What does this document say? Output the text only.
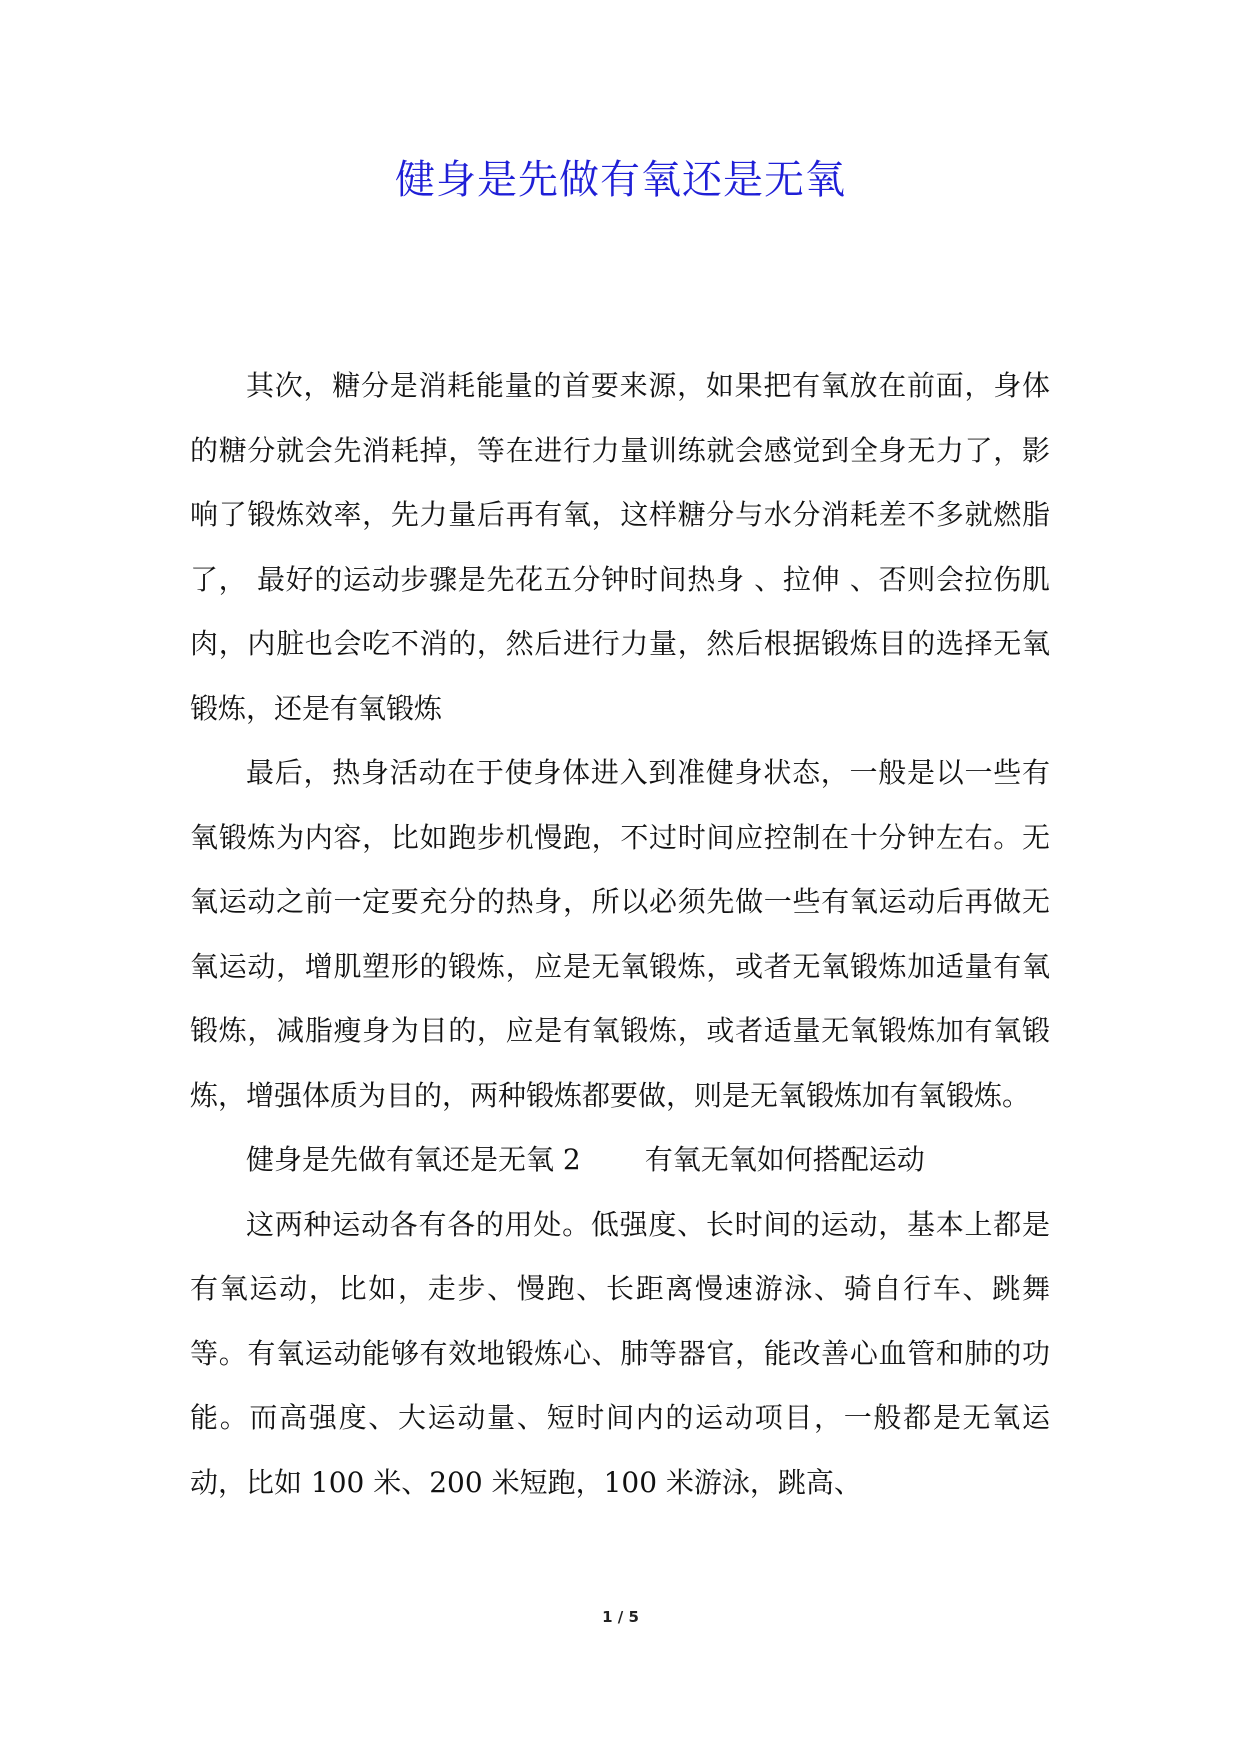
健身是先做有氧还是无氧

其次，糖分是消耗能量的首要来源，如果把有氧放在前面，身体的糖分就会先消耗掉，等在进行力量训练就会感觉到全身无力了，影响了锻炼效率，先力量后再有氧，这样糖分与水分消耗差不多就燃脂了， 最好的运动步骤是先花五分钟时间热身 、拉伸 、否则会拉伤肌肉，内脏也会吃不消的，然后进行力量，然后根据锻炼目的选择无氧锻炼，还是有氧锻炼

最后，热身活动在于使身体进入到准健身状态，一般是以一些有氧锻炼为内容，比如跑步机慢跑，不过时间应控制在十分钟左右。无氧运动之前一定要充分的热身，所以必须先做一些有氧运动后再做无氧运动，增肌塑形的锻炼，应是无氧锻炼，或者无氧锻炼加适量有氧锻炼，减脂瘦身为目的，应是有氧锻炼，或者适量无氧锻炼加有氧锻炼，增强体质为目的，两种锻炼都要做，则是无氧锻炼加有氧锻炼。

健身是先做有氧还是无氧 2 有氧无氧如何搭配运动

这两种运动各有各的用处。低强度、长时间的运动，基本上都是有氧运动，比如，走步、慢跑、长距离慢速游泳、骑自行车、跳舞等。有氧运动能够有效地锻炼心、肺等器官，能改善心血管和肺的功能。而高强度、大运动量、短时间内的运动项目，一般都是无氧运动，比如 100 米、200 米短跑，100 米游泳，跳高、

1 / 5
